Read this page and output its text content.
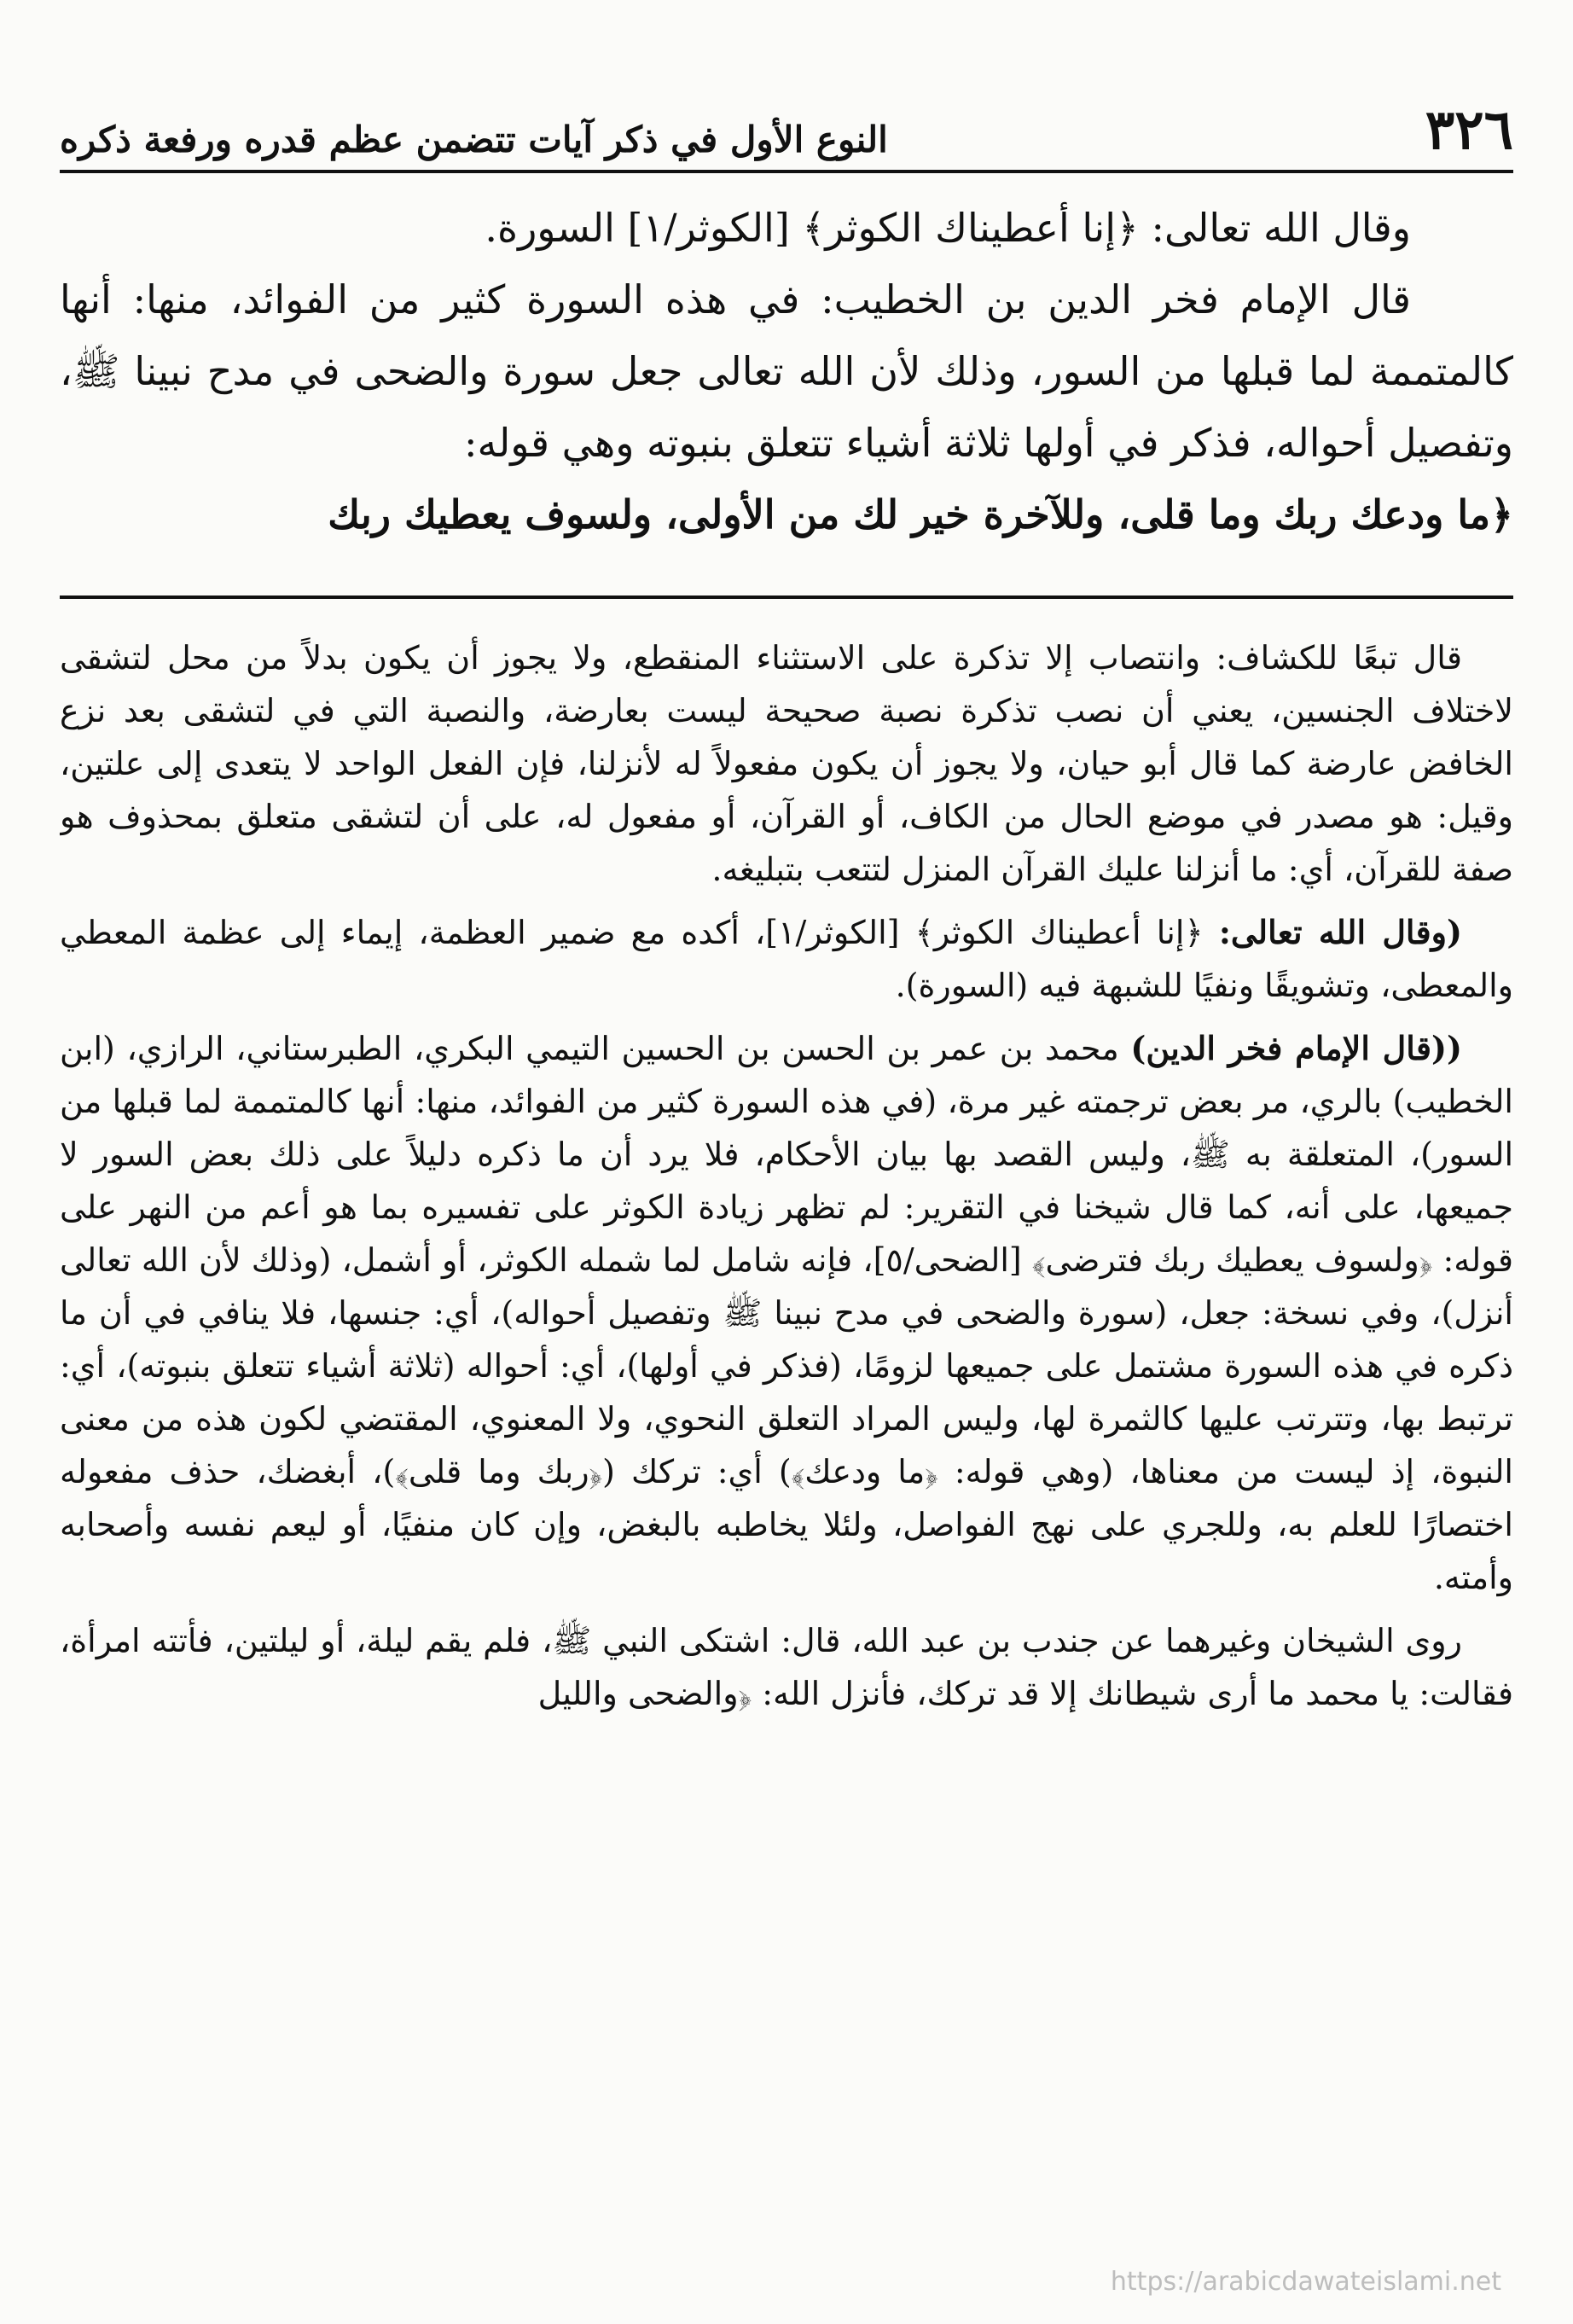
٣٢٦
النوع الأول في ذكر آيات تتضمن عظم قدره ورفعة ذكره

وقال الله تعالى: ﴿إنا أعطيناك الكوثر﴾ [الكوثر/١] السورة.

قال الإمام فخر الدين بن الخطيب: في هذه السورة كثير من الفوائد، منها: أنها كالمتممة لما قبلها من السور، وذلك لأن الله تعالى جعل سورة والضحى في مدح نبينا ﷺ، وتفصيل أحواله، فذكر في أولها ثلاثة أشياء تتعلق بنبوته وهي قوله:

﴿ما ودعك ربك وما قلى، وللآخرة خير لك من الأولى، ولسوف يعطيك ربك

قال تبعًا للكشاف: وانتصاب إلا تذكرة على الاستثناء المنقطع، ولا يجوز أن يكون بدلاً من محل لتشقى لاختلاف الجنسين، يعني أن نصب تذكرة نصبة صحيحة ليست بعارضة، والنصبة التي في لتشقى بعد نزع الخافض عارضة كما قال أبو حيان، ولا يجوز أن يكون مفعولاً له لأنزلنا، فإن الفعل الواحد لا يتعدى إلى علتين، وقيل: هو مصدر في موضع الحال من الكاف، أو القرآن، أو مفعول له، على أن لتشقى متعلق بمحذوف هو صفة للقرآن، أي: ما أنزلنا عليك القرآن المنزل لتتعب بتبليغه.

(وقال الله تعالى: ﴿إنا أعطيناك الكوثر﴾ [الكوثر/١]، أكده مع ضمير العظمة، إيماء إلى عظمة المعطي والمعطى، وتشويقًا ونفيًا للشبهة فيه (السورة).

((قال الإمام فخر الدين) محمد بن عمر بن الحسن بن الحسين التيمي البكري، الطبرستاني، الرازي، (ابن الخطيب) بالري، مر بعض ترجمته غير مرة، (في هذه السورة كثير من الفوائد، منها: أنها كالمتممة لما قبلها من السور)، المتعلقة به ﷺ، وليس القصد بها بيان الأحكام، فلا يرد أن ما ذكره دليلاً على ذلك بعض السور لا جميعها، على أنه، كما قال شيخنا في التقرير: لم تظهر زيادة الكوثر على تفسيره بما هو أعم من النهر على قوله: ﴿ولسوف يعطيك ربك فترضى﴾ [الضحى/٥]، فإنه شامل لما شمله الكوثر، أو أشمل، (وذلك لأن الله تعالى أنزل)، وفي نسخة: جعل، (سورة والضحى في مدح نبينا ﷺ وتفصيل أحواله)، أي: جنسها، فلا ينافي في أن ما ذكره في هذه السورة مشتمل على جميعها لزومًا، (فذكر في أولها)، أي: أحواله (ثلاثة أشياء تتعلق بنبوته)، أي: ترتبط بها، وتترتب عليها كالثمرة لها، وليس المراد التعلق النحوي، ولا المعنوي، المقتضي لكون هذه من معنى النبوة، إذ ليست من معناها، (وهي قوله: ﴿ما ودعك﴾) أي: تركك (﴿ربك وما قلى﴾)، أبغضك، حذف مفعوله اختصارًا للعلم به، وللجري على نهج الفواصل، ولئلا يخاطبه بالبغض، وإن كان منفيًا، أو ليعم نفسه وأصحابه وأمته.

روى الشيخان وغيرهما عن جندب بن عبد الله، قال: اشتكى النبي ﷺ، فلم يقم ليلة، أو ليلتين، فأتته امرأة، فقالت: يا محمد ما أرى شيطانك إلا قد تركك، فأنزل الله: ﴿والضحى والليل

https://arabicdawateislami.net
